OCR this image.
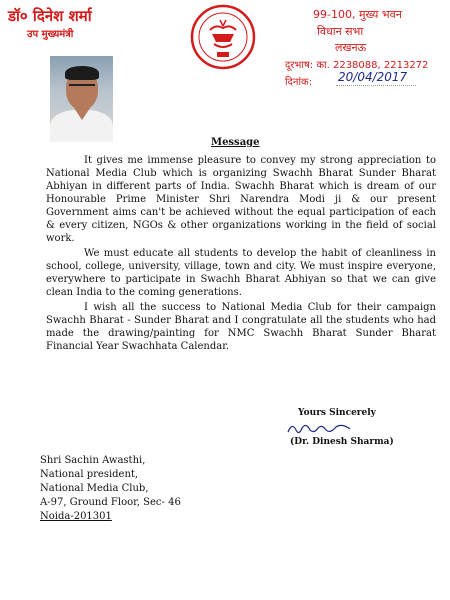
डॉ० दिनेश शर्मा
उप मुख्यमंत्री
99-100, मुख्य भवन
विधान सभा
लखनऊ
दूरभाष: का. 2238088, 2213272
दिनांक: 20/04/2017
Message

It gives me immense pleasure to convey my strong appreciation to National Media Club which is organizing Swachh Bharat Sunder Bharat Abhiyan in different parts of India. Swachh Bharat which is dream of our Honourable Prime Minister Shri Narendra Modi ji & our present Government aims can't be achieved without the equal participation of each & every citizen, NGOs & other organizations working in the field of social work.

We must educate all students to develop the habit of cleanliness in school, college, university, village, town and city. We must inspire everyone, everywhere to participate in Swachh Bharat Abhiyan so that we can give clean India to the coming generations.

I wish all the success to National Media Club for their campaign Swachh Bharat - Sunder Bharat and I congratulate all the students who had made the drawing/painting for NMC Swachh Bharat Sunder Bharat Financial Year Swachhata Calendar.

Yours Sincerely
(Dr. Dinesh Sharma)
Shri Sachin Awasthi,
National president,
National Media Club,
A-97, Ground Floor, Sec- 46
Noida-201301
